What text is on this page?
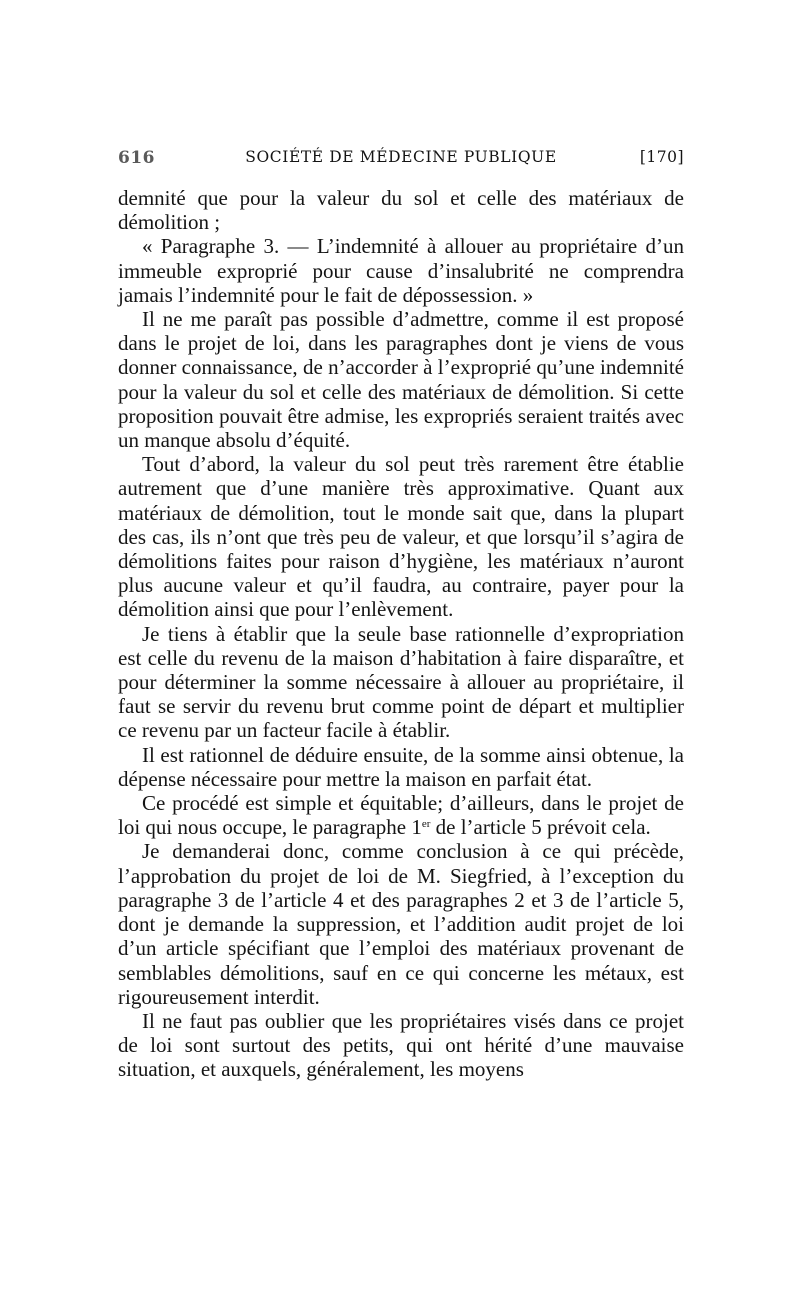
616	SOCIÉTÉ DE MÉDECINE PUBLIQUE	[170]

demnité que pour la valeur du sol et celle des matériaux de démolition ;

« Paragraphe 3. — L’indemnité à allouer au propriétaire d’un immeuble exproprié pour cause d’insalubrité ne comprendra jamais l’indemnité pour le fait de dépossession. »

Il ne me paraît pas possible d’admettre, comme il est proposé dans le projet de loi, dans les paragraphes dont je viens de vous donner connaissance, de n’accorder à l’exproprié qu’une indemnité pour la valeur du sol et celle des matériaux de démolition. Si cette proposition pouvait être admise, les expropriés seraient traités avec un manque absolu d’équité.

Tout d’abord, la valeur du sol peut très rarement être établie autrement que d’une manière très approximative. Quant aux matériaux de démolition, tout le monde sait que, dans la plupart des cas, ils n’ont que très peu de valeur, et que lorsqu’il s’agira de démolitions faites pour raison d’hygiène, les matériaux n’auront plus aucune valeur et qu’il faudra, au contraire, payer pour la démolition ainsi que pour l’enlèvement.

Je tiens à établir que la seule base rationnelle d’expropriation est celle du revenu de la maison d’habitation à faire disparaître, et pour déterminer la somme nécessaire à allouer au propriétaire, il faut se servir du revenu brut comme point de départ et multiplier ce revenu par un facteur facile à établir.

Il est rationnel de déduire ensuite, de la somme ainsi obtenue, la dépense nécessaire pour mettre la maison en parfait état.

Ce procédé est simple et équitable; d’ailleurs, dans le projet de loi qui nous occupe, le paragraphe 1er de l’article 5 prévoit cela.

Je demanderai donc, comme conclusion à ce qui précède, l’approbation du projet de loi de M. Siegfried, à l’exception du paragraphe 3 de l’article 4 et des paragraphes 2 et 3 de l’article 5, dont je demande la suppression, et l’addition audit projet de loi d’un article spécifiant que l’emploi des matériaux provenant de semblables démolitions, sauf en ce qui concerne les métaux, est rigoureusement interdit.

Il ne faut pas oublier que les propriétaires visés dans ce projet de loi sont surtout des petits, qui ont hérité d’une mauvaise situation, et auxquels, généralement, les moyens
